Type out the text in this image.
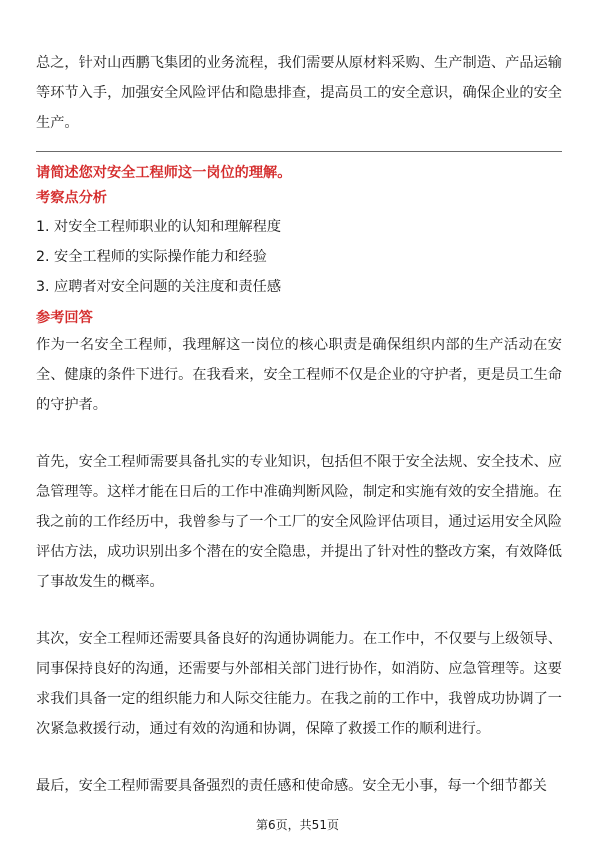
总之，针对山西鹏飞集团的业务流程，我们需要从原材料采购、生产制造、产品运输等环节入手，加强安全风险评估和隐患排查，提高员工的安全意识，确保企业的安全生产。

请简述您对安全工程师这一岗位的理解。

考察点分析

1. 对安全工程师职业的认知和理解程度
2. 安全工程师的实际操作能力和经验
3. 应聘者对安全问题的关注度和责任感

参考回答

作为一名安全工程师，我理解这一岗位的核心职责是确保组织内部的生产活动在安全、健康的条件下进行。在我看来，安全工程师不仅是企业的守护者，更是员工生命的守护者。

首先，安全工程师需要具备扎实的专业知识，包括但不限于安全法规、安全技术、应急管理等。这样才能在日后的工作中准确判断风险，制定和实施有效的安全措施。在我之前的工作经历中，我曾参与了一个工厂的安全风险评估项目，通过运用安全风险评估方法，成功识别出多个潜在的安全隐患，并提出了针对性的整改方案，有效降低了事故发生的概率。

其次，安全工程师还需要具备良好的沟通协调能力。在工作中，不仅要与上级领导、同事保持良好的沟通，还需要与外部相关部门进行协作，如消防、应急管理等。这要求我们具备一定的组织能力和人际交往能力。在我之前的工作中，我曾成功协调了一次紧急救援行动，通过有效的沟通和协调，保障了救援工作的顺利进行。

最后，安全工程师需要具备强烈的责任感和使命感。安全无小事，每一个细节都关

第6页，共51页
